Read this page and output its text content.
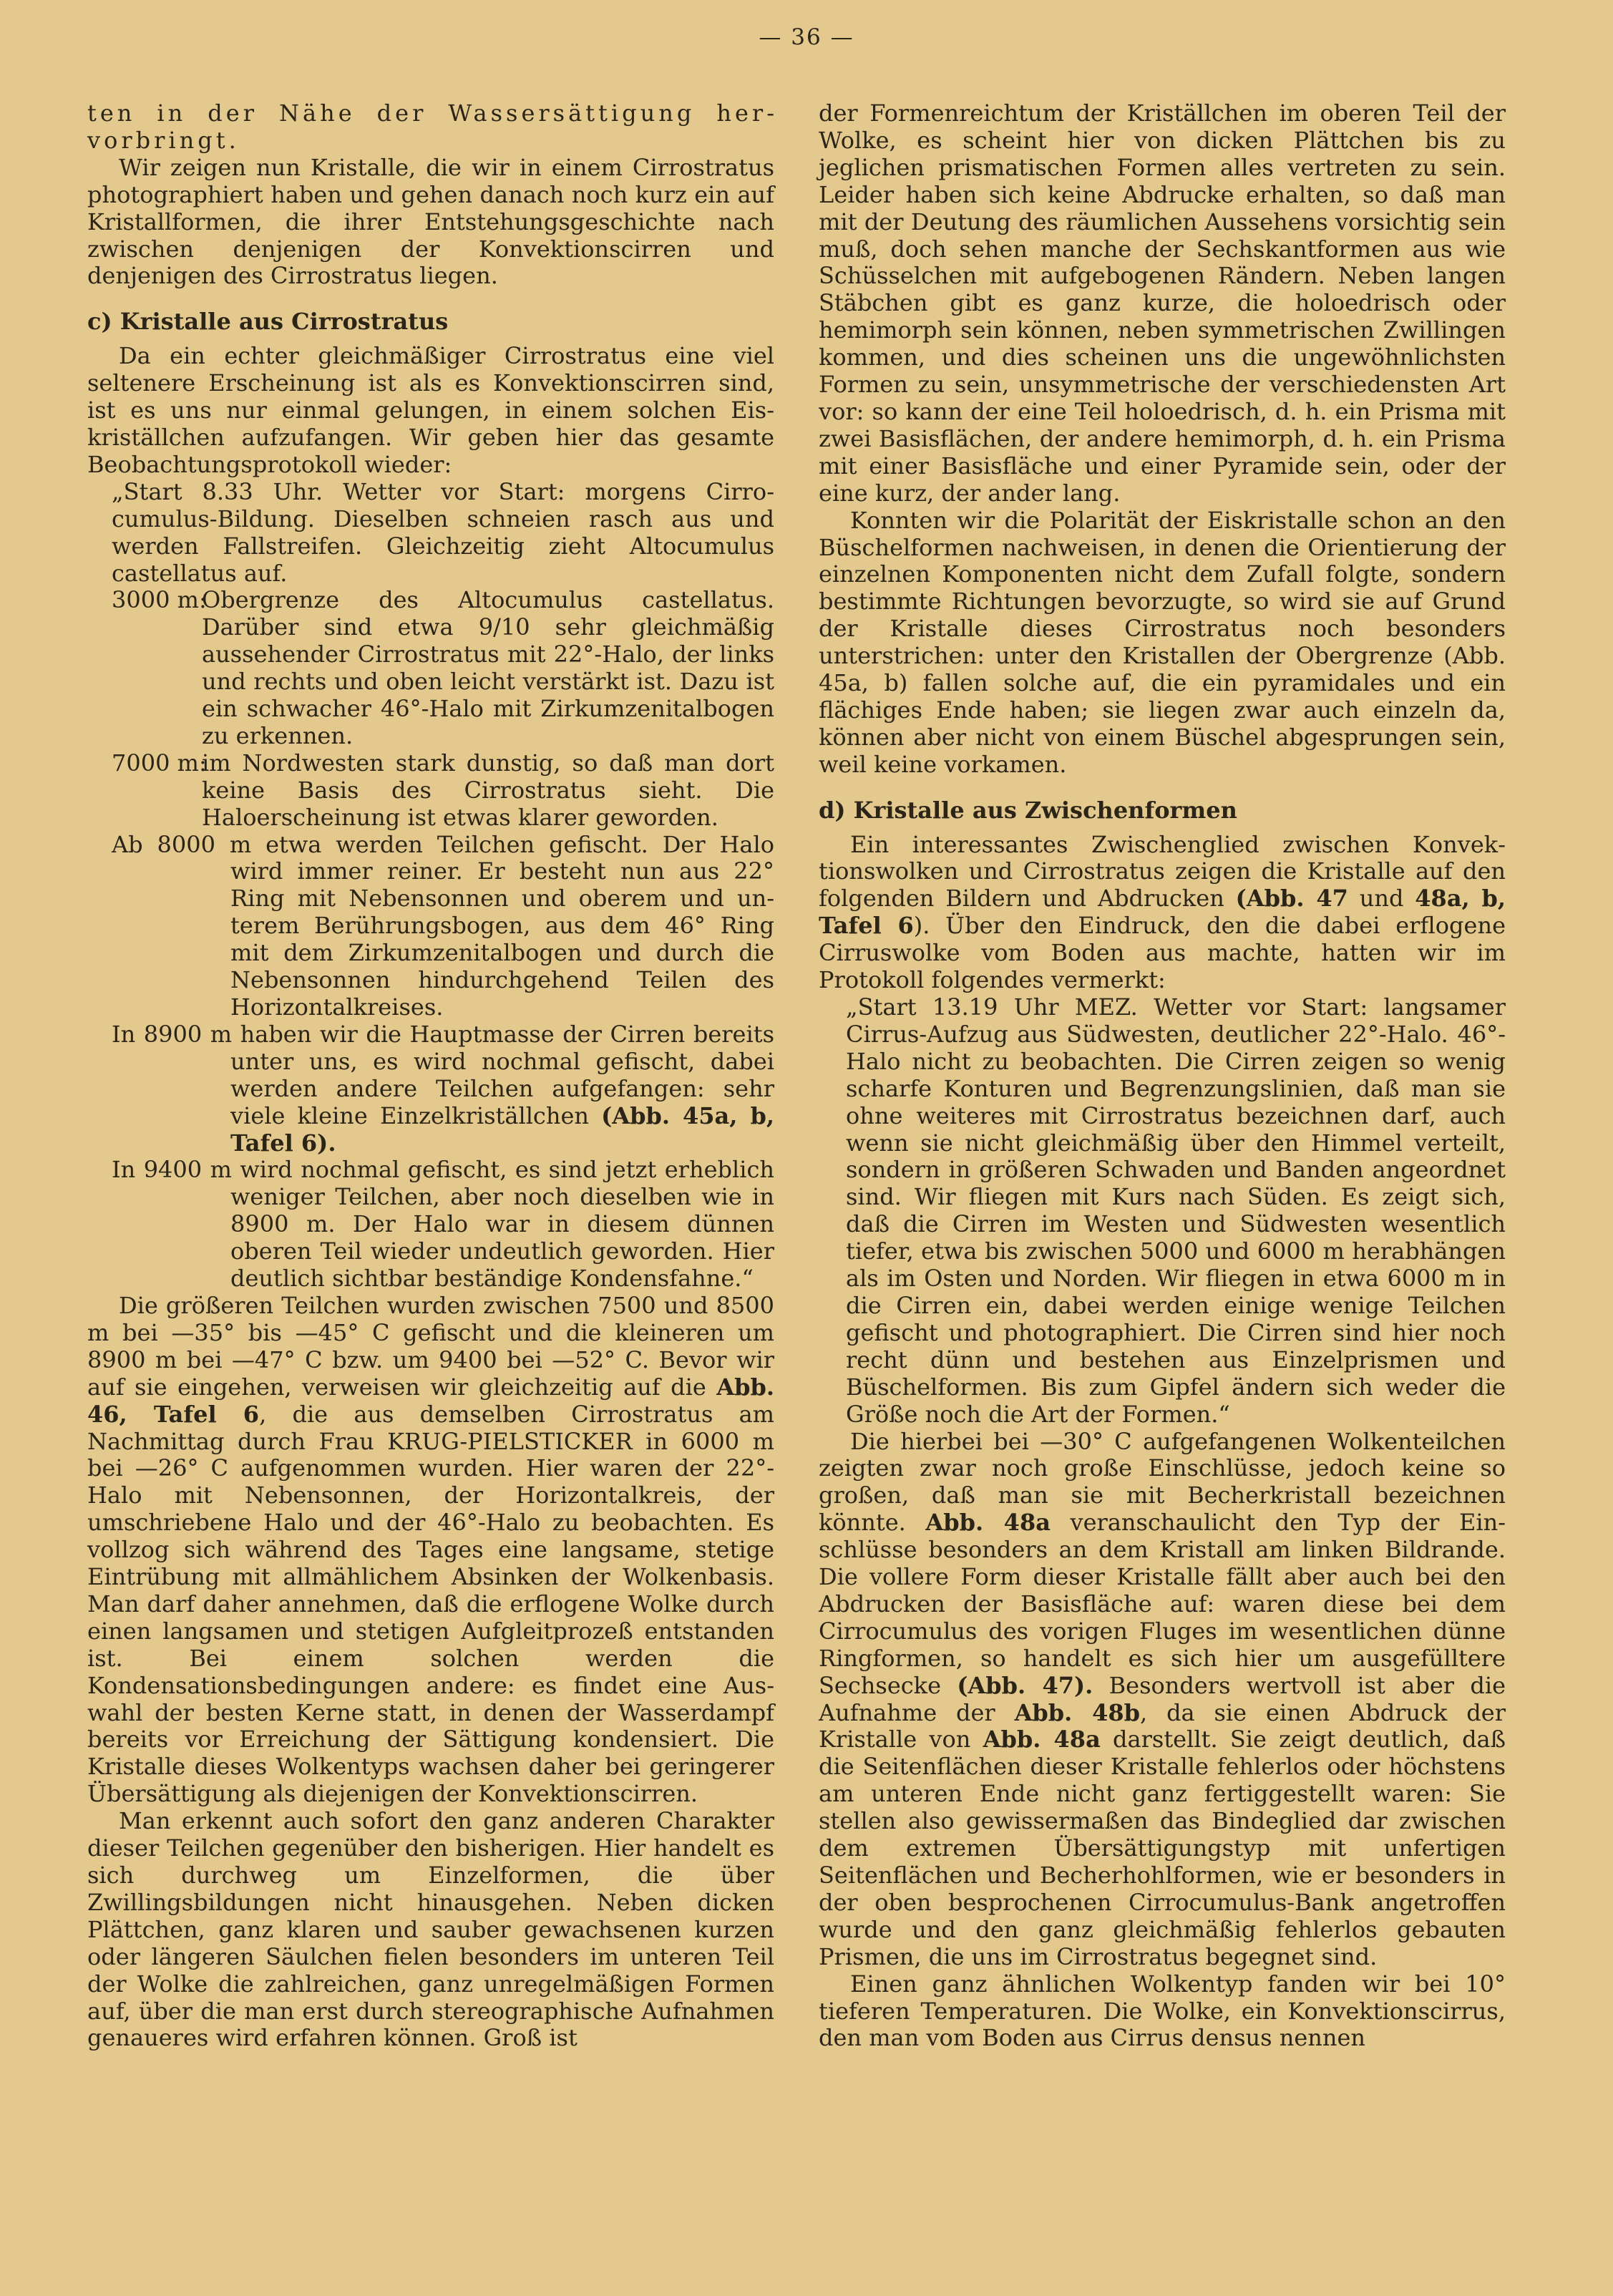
— 36 —

ten in der Nähe der Wassersättigung hervorbringt.

Wir zeigen nun Kristalle, die wir in einem Cirrostratus photographiert haben und gehen danach noch kurz ein auf Kristallformen, die ihrer Entstehungsgeschichte nach zwischen denjenigen der Konvektionscirren und denjenigen des Cirrostratus liegen.

c) Kristalle aus Cirrostratus

Da ein echter gleichmäßiger Cirrostratus eine viel seltenere Erscheinung ist als es Konvektionscirren sind, ist es uns nur einmal gelungen, in einem solchen Eiskriställchen aufzufangen. Wir geben hier das gesamte Beobachtungsprotokoll wieder:

„Start 8.33 Uhr. Wetter vor Start: morgens Cirrocumulus-Bildung. Dieselben schneien rasch aus und werden Fallstreifen. Gleichzeitig zieht Altocumulus castellatus auf.

3000 m:
Obergrenze des Altocumulus castellatus. Darüber sind etwa 9/10 sehr gleichmäßig aussehender Cirrostratus mit 22°-Halo, der links und rechts und oben leicht verstärkt ist. Dazu ist ein schwacher 46°-Halo mit Zirkumzenitalbogen zu erkennen.
7000 m:
im Nordwesten stark dunstig, so daß man dort keine Basis des Cirrostratus sieht. Die Haloerscheinung ist etwas klarer geworden.
Ab 8000 m etwa werden Teilchen gefischt. Der Halo wird immer reiner. Er besteht nun aus 22° Ring mit Nebensonnen und oberem und unterem Berührungsbogen, aus dem 46° Ring mit dem Zirkumzenitalbogen und durch die Nebensonnen hindurchgehend Teilen des Horizontalkreises.
In 8900 m haben wir die Hauptmasse der Cirren bereits unter uns, es wird nochmal gefischt, dabei werden andere Teilchen aufgefangen: sehr viele kleine Einzelkriställchen (Abb. 45a, b, Tafel 6).
In 9400 m wird nochmal gefischt, es sind jetzt erheblich weniger Teilchen, aber noch dieselben wie in 8900 m. Der Halo war in diesem dünnen oberen Teil wieder undeutlich geworden. Hier deutlich sichtbar beständige Kondensfahne.“

Die größeren Teilchen wurden zwischen 7500 und 8500 m bei —35° bis —45° C gefischt und die kleineren um 8900 m bei —47° C bzw. um 9400 bei —52° C. Bevor wir auf sie eingehen, verweisen wir gleichzeitig auf die Abb. 46, Tafel 6, die aus demselben Cirrostratus am Nachmittag durch Frau KRUG-PIELSTICKER in 6000 m bei —26° C aufgenommen wurden. Hier waren der 22°-Halo mit Nebensonnen, der Horizontalkreis, der umschriebene Halo und der 46°-Halo zu beobachten. Es vollzog sich während des Tages eine langsame, stetige Eintrübung mit allmählichem Absinken der Wolkenbasis. Man darf daher annehmen, daß die erflogene Wolke durch einen langsamen und stetigen Aufgleitprozeß entstanden ist. Bei einem solchen werden die Kondensationsbedingungen andere: es findet eine Auswahl der besten Kerne statt, in denen der Wasserdampf bereits vor Erreichung der Sättigung kondensiert. Die Kristalle dieses Wolkentyps wachsen daher bei geringerer Übersättigung als diejenigen der Konvektionscirren.

Man erkennt auch sofort den ganz anderen Charakter dieser Teilchen gegenüber den bisherigen. Hier handelt es sich durchweg um Einzelformen, die über Zwillingsbildungen nicht hinausgehen. Neben dicken Plättchen, ganz klaren und sauber gewachsenen kurzen oder längeren Säulchen fielen besonders im unteren Teil der Wolke die zahlreichen, ganz unregelmäßigen Formen auf, über die man erst durch stereographische Aufnahmen genaueres wird erfahren können. Groß ist

der Formenreichtum der Kriställchen im oberen Teil der Wolke, es scheint hier von dicken Plättchen bis zu jeglichen prismatischen Formen alles vertreten zu sein. Leider haben sich keine Abdrucke erhalten, so daß man mit der Deutung des räumlichen Aussehens vorsichtig sein muß, doch sehen manche der Sechskantformen aus wie Schüsselchen mit aufgebogenen Rändern. Neben langen Stäbchen gibt es ganz kurze, die holoedrisch oder hemimorph sein können, neben symmetrischen Zwillingen kommen, und dies scheinen uns die ungewöhnlichsten Formen zu sein, unsymmetrische der verschiedensten Art vor: so kann der eine Teil holoedrisch, d. h. ein Prisma mit zwei Basisflächen, der andere hemimorph, d. h. ein Prisma mit einer Basisfläche und einer Pyramide sein, oder der eine kurz, der ander lang.

Konnten wir die Polarität der Eiskristalle schon an den Büschelformen nachweisen, in denen die Orientierung der einzelnen Komponenten nicht dem Zufall folgte, sondern bestimmte Richtungen bevorzugte, so wird sie auf Grund der Kristalle dieses Cirrostratus noch besonders unterstrichen: unter den Kristallen der Obergrenze (Abb. 45a, b) fallen solche auf, die ein pyramidales und ein flächiges Ende haben; sie liegen zwar auch einzeln da, können aber nicht von einem Büschel abgesprungen sein, weil keine vorkamen.

d) Kristalle aus Zwischenformen

Ein interessantes Zwischenglied zwischen Konvektionswolken und Cirrostratus zeigen die Kristalle auf den folgenden Bildern und Abdrucken (Abb. 47 und 48a, b, Tafel 6). Über den Eindruck, den die dabei erflogene Cirruswolke vom Boden aus machte, hatten wir im Protokoll folgendes vermerkt:

„Start 13.19 Uhr MEZ. Wetter vor Start: langsamer Cirrus-Aufzug aus Südwesten, deutlicher 22°-Halo. 46°-Halo nicht zu beobachten. Die Cirren zeigen so wenig scharfe Konturen und Begrenzungslinien, daß man sie ohne weiteres mit Cirrostratus bezeichnen darf, auch wenn sie nicht gleichmäßig über den Himmel verteilt, sondern in größeren Schwaden und Banden angeordnet sind. Wir fliegen mit Kurs nach Süden. Es zeigt sich, daß die Cirren im Westen und Südwesten wesentlich tiefer, etwa bis zwischen 5000 und 6000 m herabhängen als im Osten und Norden. Wir fliegen in etwa 6000 m in die Cirren ein, dabei werden einige wenige Teilchen gefischt und photographiert. Die Cirren sind hier noch recht dünn und bestehen aus Einzelprismen und Büschelformen. Bis zum Gipfel ändern sich weder die Größe noch die Art der Formen.“

Die hierbei bei —30° C aufgefangenen Wolkenteilchen zeigten zwar noch große Einschlüsse, jedoch keine so großen, daß man sie mit Becherkristall bezeichnen könnte. Abb. 48a veranschaulicht den Typ der Einschlüsse besonders an dem Kristall am linken Bildrande. Die vollere Form dieser Kristalle fällt aber auch bei den Abdrucken der Basisfläche auf: waren diese bei dem Cirrocumulus des vorigen Fluges im wesentlichen dünne Ringformen, so handelt es sich hier um ausgefülltere Sechsecke (Abb. 47). Besonders wertvoll ist aber die Aufnahme der Abb. 48b, da sie einen Abdruck der Kristalle von Abb. 48a darstellt. Sie zeigt deutlich, daß die Seitenflächen dieser Kristalle fehlerlos oder höchstens am unteren Ende nicht ganz fertiggestellt waren: Sie stellen also gewissermaßen das Bindeglied dar zwischen dem extremen Übersättigungstyp mit unfertigen Seitenflächen und Becherhohlformen, wie er besonders in der oben besprochenen Cirrocumulus-Bank angetroffen wurde und den ganz gleichmäßig fehlerlos gebauten Prismen, die uns im Cirrostratus begegnet sind.

Einen ganz ähnlichen Wolkentyp fanden wir bei 10° tieferen Temperaturen. Die Wolke, ein Konvektionscirrus, den man vom Boden aus Cirrus densus nennen
